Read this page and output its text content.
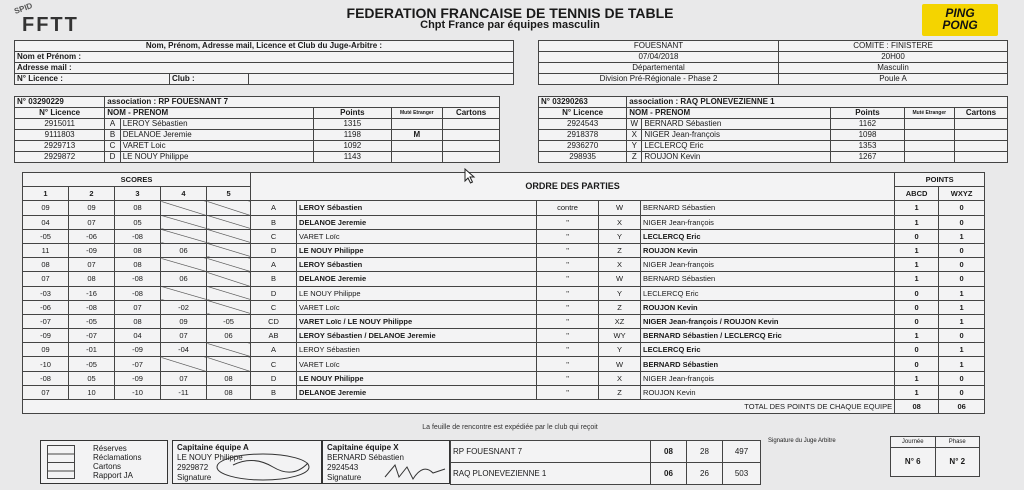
SPID
FFTT
FEDERATION FRANCAISE DE TENNIS DE TABLE
Chpt France par équipes masculin
PING
PONG
Nom, Prénom, Adresse mail, Licence et Club du Juge-Arbitre :
Nom et Prénom :
Adresse mail :
N° Licence :	Club :	
FOUESNANT	COMITE : FINISTERE
07/04/2018	20H00
Départemental	Masculin
Division Pré-Régionale - Phase 2	Poule A
N° 03290229	association : RP FOUESNANT 7				
N° Licence	NOM - PRENOM		Points	Muté Etranger	Cartons
2915011	A	LEROY Sébastien	1315		
9111803	B	DELANOE Jeremie	1198	M	
2929713	C	VARET Loic	1092		
2929872	D	LE NOUY Philippe	1143		
N° 03290263	association : RAQ PLONEVEZIENNE 1				
N° Licence	NOM - PRENOM		Points	Muté Etranger	Cartons
2924543	W	BERNARD Sébastien	1162		
2918378	X	NIGER Jean-françois	1098		
2936270	Y	LECLERCQ Eric	1353		
298935	Z	ROUJON Kevin	1267		
SCORES					ORDRE DES PARTIES					POINTS	
1	2	3	4	5						ABCD	WXYZ
09	09	08			A	LEROY Sébastien	contre	W	BERNARD Sébastien	1	0
04	07	05			B	DELANOE Jeremie	"	X	NIGER Jean-françois	1	0
-05	-06	-08			C	VARET Loïc	"	Y	LECLERCQ Eric	0	1
11	-09	08	06		D	LE NOUY Philippe	"	Z	ROUJON Kevin	1	0
08	07	08			A	LEROY Sébastien	"	X	NIGER Jean-françois	1	0
07	08	-08	06		B	DELANOE Jeremie	"	W	BERNARD Sébastien	1	0
-03	-16	-08			D	LE NOUY Philippe	"	Y	LECLERCQ Eric	0	1
-06	-08	07	-02		C	VARET Loïc	"	Z	ROUJON Kevin	0	1
-07	-05	08	09	-05	CD	VARET Loïc / LE NOUY Philippe	"	XZ	NIGER Jean-françois / ROUJON Kevin	0	1
-09	-07	04	07	06	AB	LEROY Sébastien / DELANOE Jeremie	"	WY	BERNARD Sébastien / LECLERCQ Eric	1	0
09	-01	-09	-04		A	LEROY Sébastien	"	Y	LECLERCQ Eric	0	1
-10	-05	-07			C	VARET Loïc	"	W	BERNARD Sébastien	0	1
-08	05	-09	07	08	D	LE NOUY Philippe	"	X	NIGER Jean-françois	1	0
07	10	-10	-11	08	B	DELANOE Jeremie	"	Z	ROUJON Kevin	1	0
TOTAL DES POINTS DE CHAQUE EQUIPE										08	06
La feuille de rencontre est expédiée par le club qui reçoit
Réserves
Réclamations
Cartons
Rapport JA
Capitaine équipe A
LE NOUY Philippe
2929872
Signature
Capitaine équipe X
BERNARD Sébastien
2924543
Signature
RP FOUESNANT 7	08	28	497
RAQ PLONEVEZIENNE 1	06	26	503
Signature du Juge Arbitre	Journée	Phase
N° 6	N° 2
